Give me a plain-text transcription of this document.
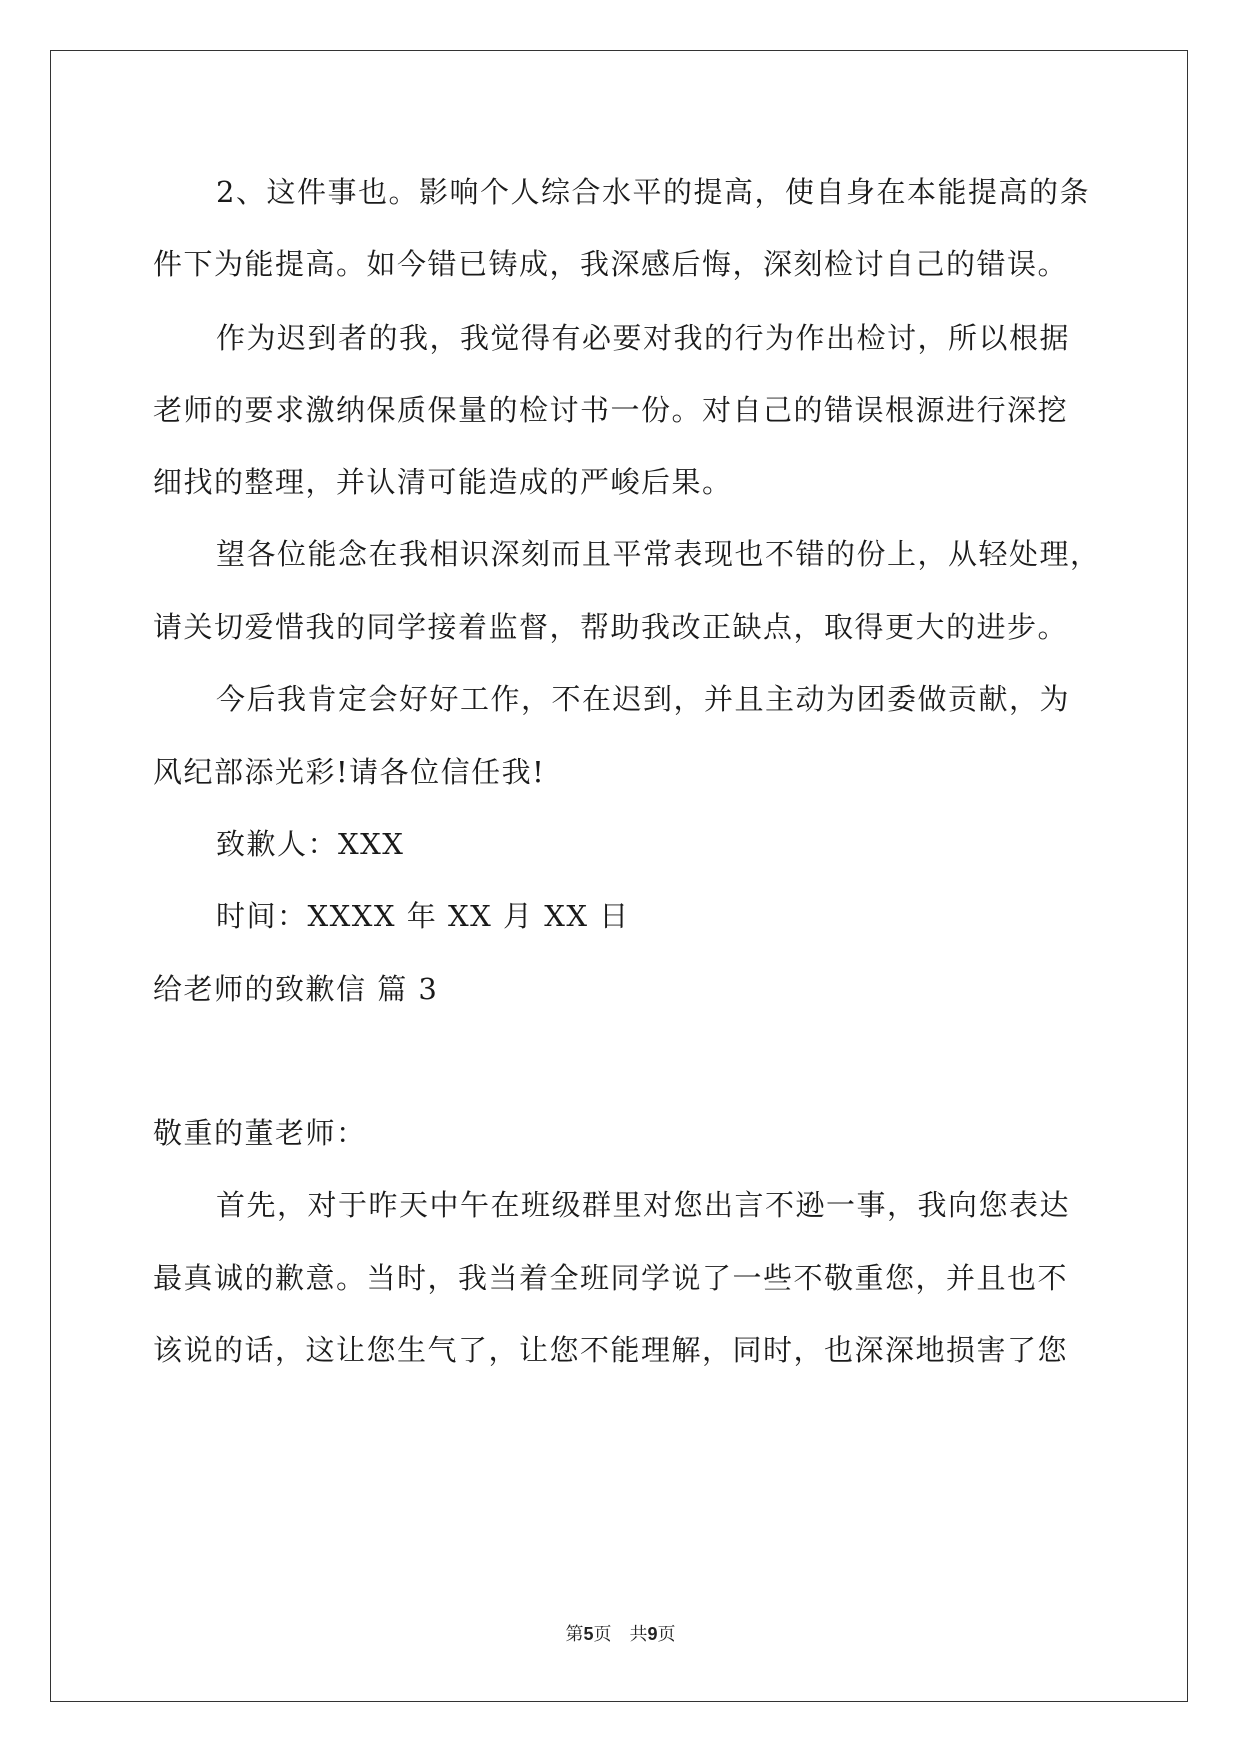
2、这件事也。影响个人综合水平的提高，使自身在本能提高的条
件下为能提高。如今错已铸成，我深感后悔，深刻检讨自己的错误。
作为迟到者的我，我觉得有必要对我的行为作出检讨，所以根据
老师的要求激纳保质保量的检讨书一份。对自己的错误根源进行深挖
细找的整理，并认清可能造成的严峻后果。
望各位能念在我相识深刻而且平常表现也不错的份上，从轻处理，
请关切爱惜我的同学接着监督，帮助我改正缺点，取得更大的进步。
今后我肯定会好好工作，不在迟到，并且主动为团委做贡献，为
风纪部添光彩!请各位信任我!
致歉人：XXX
时间：XXXX 年 XX 月 XX 日
给老师的致歉信 篇 3
敬重的董老师：
首先，对于昨天中午在班级群里对您出言不逊一事，我向您表达
最真诚的歉意。当时，我当着全班同学说了一些不敬重您，并且也不
该说的话，这让您生气了，让您不能理解，同时，也深深地损害了您
第5页 共9页
